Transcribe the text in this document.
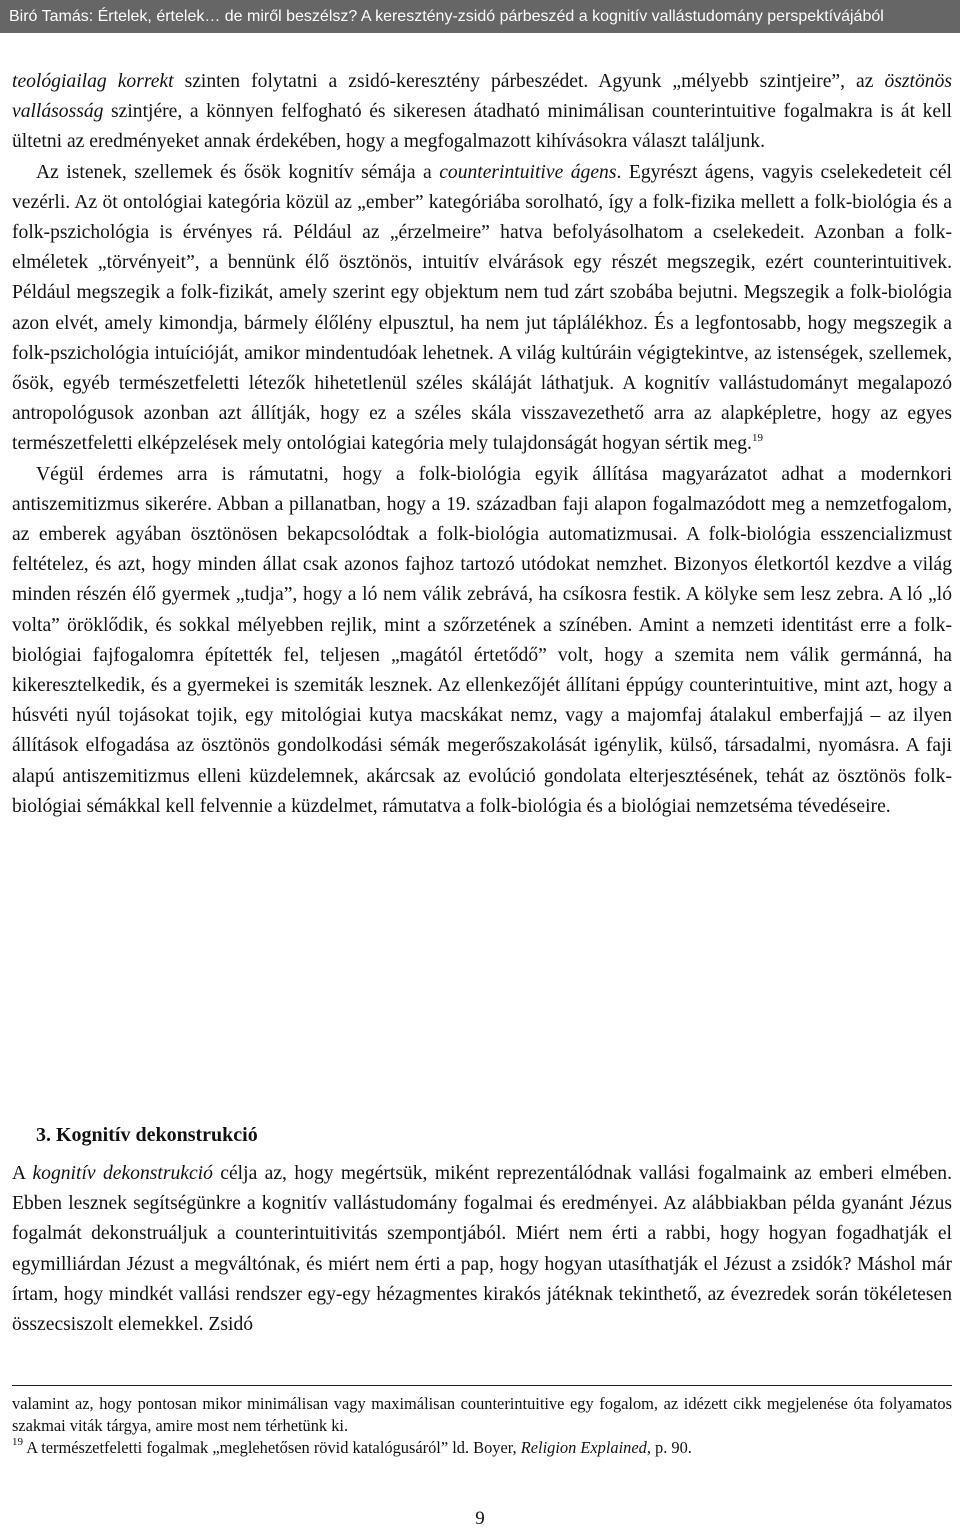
Biró Tamás: Értelek, értelek… de miről beszélsz? A keresztény-zsidó párbeszéd a kognitív vallástudomány perspektívájából

teológiailag korrekt szinten folytatni a zsidó-keresztény párbeszédet. Agyunk „mélyebb szintjeire”, az ösztönös vallásosság szintjére, a könnyen felfogható és sikeresen átadható minimálisan counterintuitive fogalmakra is át kell ültetni az eredményeket annak érdekében, hogy a megfogalmazott kihívásokra választ találjunk.

Az istenek, szellemek és ősök kognitív sémája a counterintuitive ágens. Egyrészt ágens, vagyis cselekedeteit cél vezérli. Az öt ontológiai kategória közül az „ember” kategóriába sorolható, így a folk-fizika mellett a folk-biológia és a folk-pszichológia is érvényes rá. Például az „érzelmeire” hatva befolyásolhatom a cselekedeit. Azonban a folk-elméletek „törvényeit”, a bennünk élő ösztönös, intuitív elvárások egy részét megszegik, ezért counterintuitivek. Például megszegik a folk-fizikát, amely szerint egy objektum nem tud zárt szobába bejutni. Megszegik a folk-biológia azon elvét, amely kimondja, bármely élőlény elpusztul, ha nem jut táplálékhoz. És a legfontosabb, hogy megszegik a folk-pszichológia intuícióját, amikor mindentudóak lehetnek. A világ kultúráin végigtekintve, az istenségek, szellemek, ősök, egyéb természetfeletti létezők hihetetlenül széles skáláját láthatjuk. A kognitív vallástudományt megalapozó antropológusok azonban azt állítják, hogy ez a széles skála visszavezethető arra az alapképletre, hogy az egyes természetfeletti elképzelések mely ontológiai kategória mely tulajdonságát hogyan sértik meg.$^{19}$

Végül érdemes arra is rámutatni, hogy a folk-biológia egyik állítása magyarázatot adhat a modernkori antiszemitizmus sikerére. Abban a pillanatban, hogy a 19. században faji alapon fogalmazódott meg a nemzetfogalom, az emberek agyában ösztönösen bekapcsolódtak a folk-biológia automatizmusai. A folk-biológia esszencializmust feltételez, és azt, hogy minden állat csak azonos fajhoz tartozó utódokat nemzhet. Bizonyos életkortól kezdve a világ minden részén élő gyermek „tudja”, hogy a ló nem válik zebrává, ha csíkosra festik. A kölyke sem lesz zebra. A ló „ló volta” öröklődik, és sokkal mélyebben rejlik, mint a szőrzetének a színében. Amint a nemzeti identitást erre a folk-biológiai fajfogalomra építették fel, teljesen „magától értetődő” volt, hogy a szemita nem válik germánná, ha kikeresztelkedik, és a gyermekei is szemiták lesznek. Az ellenkezőjét állítani éppúgy counterintuitive, mint azt, hogy a húsvéti nyúl tojásokat tojik, egy mitológiai kutya macskákat nemz, vagy a majomfaj átalakul emberfajjá – az ilyen állítások elfogadása az ösztönös gondolkodási sémák megerőszakolását igénylik, külső, társadalmi, nyomásra. A faji alapú antiszemitizmus elleni küzdelemnek, akárcsak az evolúció gondolata elterjesztésének, tehát az ösztönös folk-biológiai sémákkal kell felvennie a küzdelmet, rámutatva a folk-biológia és a biológiai nemzetséma tévedéseire.

3. Kognitív dekonstrukció

A kognitív dekonstrukció célja az, hogy megértsük, miként reprezentálódnak vallási fogalmaink az emberi elmében. Ebben lesznek segítségünkre a kognitív vallástudomány fogalmai és eredményei. Az alábbiakban példa gyanánt Jézus fogalmát dekonstruáljuk a counterintuitivitás szempontjából. Miért nem érti a rabbi, hogy hogyan fogadhatják el egymilliárdan Jézust a megváltónak, és miért nem érti a pap, hogy hogyan utasíthatják el Jézust a zsidók? Máshol már írtam, hogy mindkét vallási rendszer egy-egy hézagmentes kirakós játéknak tekinthető, az évezredek során tökéletesen összecsiszolt elemekkel. Zsidó

valamint az, hogy pontosan mikor minimálisan vagy maximálisan counterintuitive egy fogalom, az idézett cikk megjelenése óta folyamatos szakmai viták tárgya, amire most nem térhetünk ki.

$^{19}$ A természetfeletti fogalmak „meglehetősen rövid katalógusáról” ld. Boyer, Religion Explained, p. 90.

9
